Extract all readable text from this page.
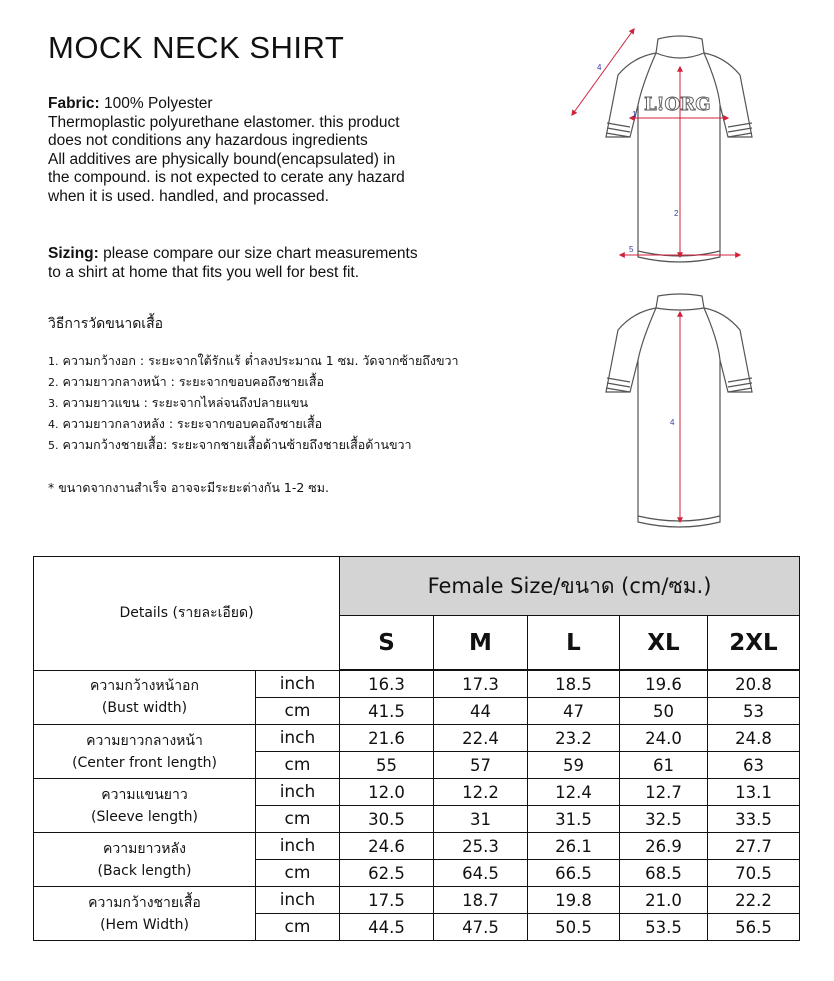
MOCK NECK SHIRT
Fabric: 100% Polyester
Thermoplastic polyurethane elastomer. this product
does not conditions any hazardous ingredients
All additives are physically bound(encapsulated) in
the compound. is not expected to cerate any hazard
when it is used. handled, and procassed.
Sizing: please compare our size chart measurements
to a shirt at home that fits you well for best fit.
วิธีการวัดขนาดเสื้อ
1. ความกว้างอก : ระยะจากใต้รักแร้ ต่ำลงประมาณ 1 ซม. วัดจากซ้ายถึงขวา
2. ความยาวกลางหน้า : ระยะจากขอบคอถึงชายเสื้อ
3. ความยาวแขน : ระยะจากไหล่จนถึงปลายแขน
4. ความยาวกลางหลัง : ระยะจากขอบคอถึงชายเสื้อ
5. ความกว้างชายเสื้อ: ระยะจากชายเสื้อด้านซ้ายถึงชายเสื้อด้านขวา
* ขนาดจากงานสำเร็จ อาจจะมีระยะต่างกัน 1-2 ซม.
L!ORG
1
2
4
5
4
Details (รายละเอียด)		Female Size/ขนาด (cm/ซม.)				
		S	M	L	XL	2XL

ความกว้างหน้าอก
(Bust width)	inch	16.3	17.3	18.5	19.6	20.8
	cm	41.5	44	47	50	53

ความยาวกลางหน้า
(Center front length)	inch	21.6	22.4	23.2	24.0	24.8
	cm	55	57	59	61	63

ความแขนยาว
(Sleeve length)	inch	12.0	12.2	12.4	12.7	13.1
	cm	30.5	31	31.5	32.5	33.5

ความยาวหลัง
(Back length)	inch	24.6	25.3	26.1	26.9	27.7
	cm	62.5	64.5	66.5	68.5	70.5

ความกว้างชายเสื้อ
(Hem Width)	inch	17.5	18.7	19.8	21.0	22.2
	cm	44.5	47.5	50.5	53.5	56.5
